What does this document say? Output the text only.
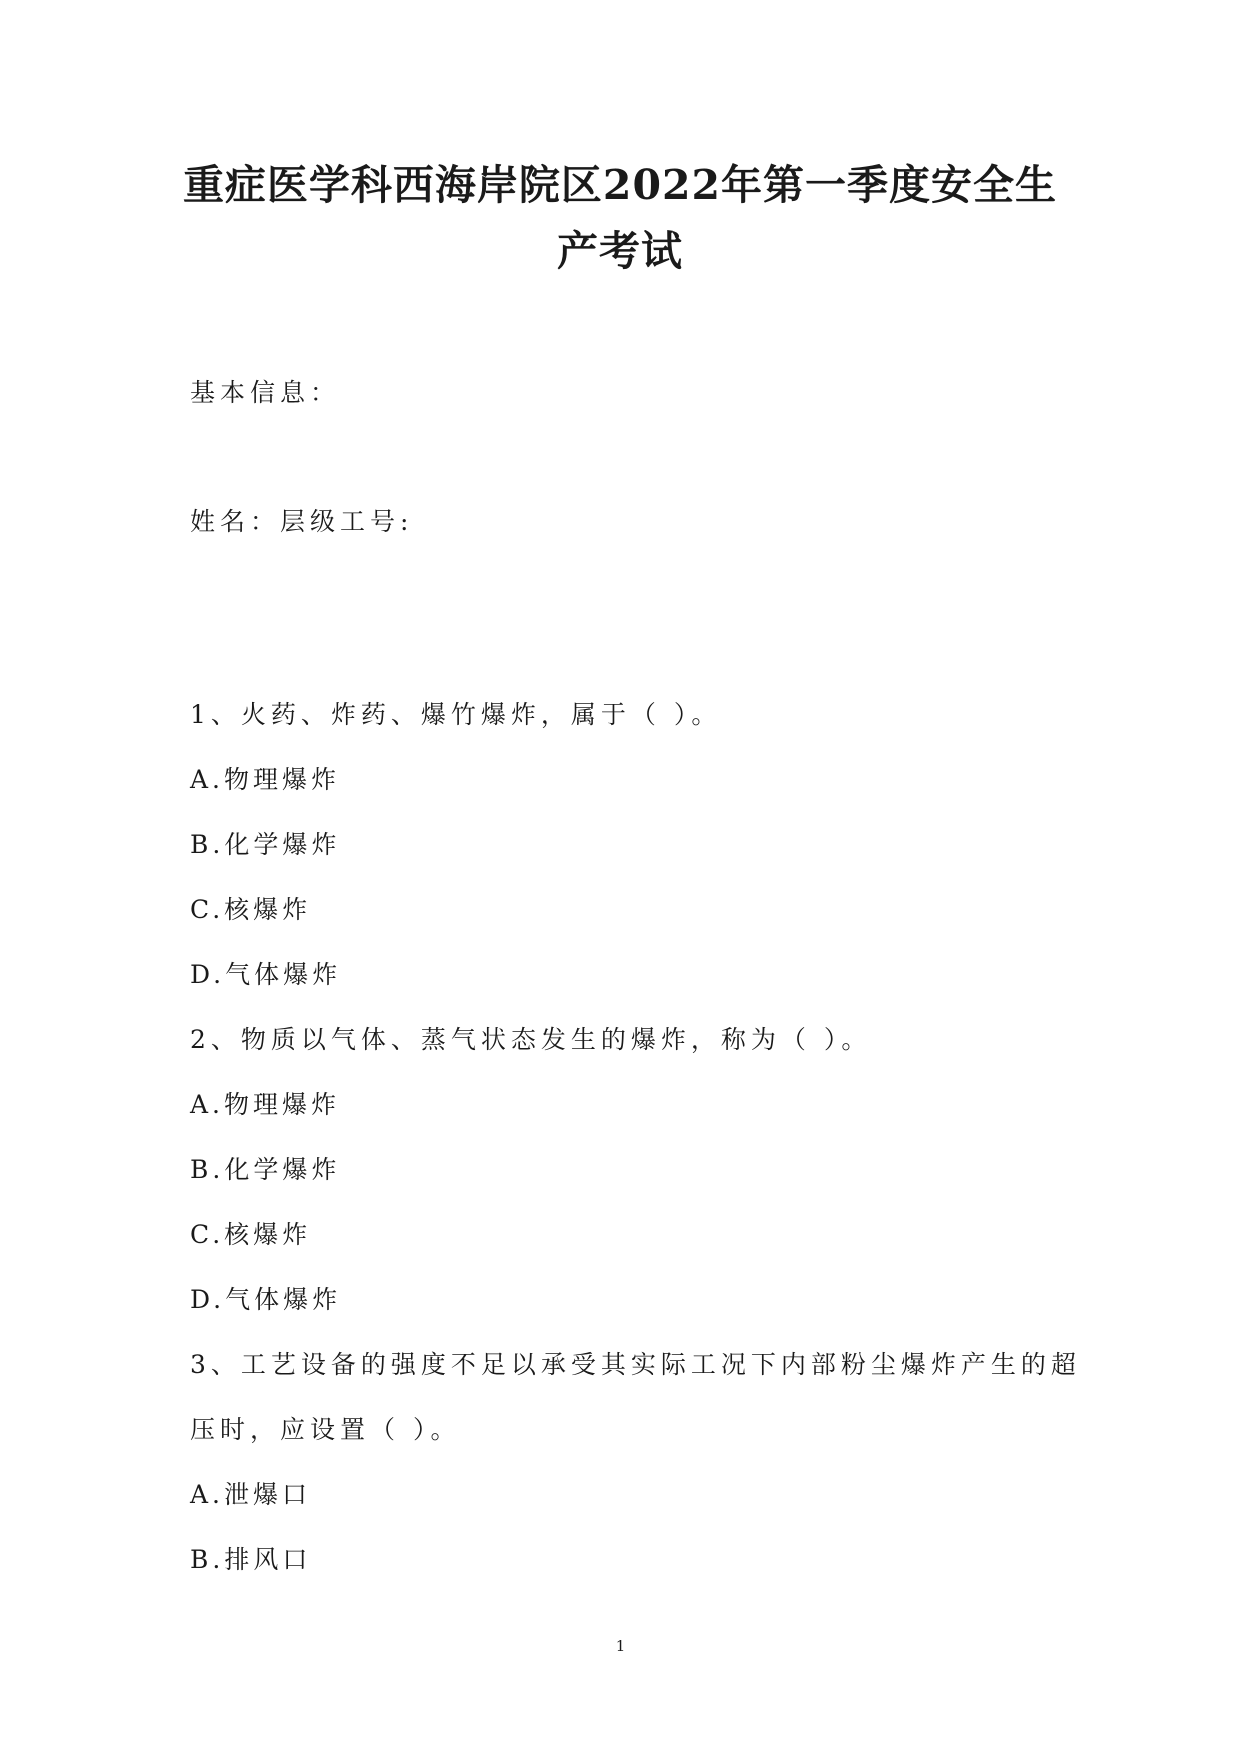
重症医学科西海岸院区2022年第一季度安全生
产考试
基本信息：
姓名：层级工号:
1、火药、炸药、爆竹爆炸，属于（ ）。
A.物理爆炸
B.化学爆炸
C.核爆炸
D.气体爆炸
2、物质以气体、蒸气状态发生的爆炸，称为（ ）。
A.物理爆炸
B.化学爆炸
C.核爆炸
D.气体爆炸
3、工艺设备的强度不足以承受其实际工况下内部粉尘爆炸产生的超
压时，应设置（ ）。
A.泄爆口
B.排风口
1
